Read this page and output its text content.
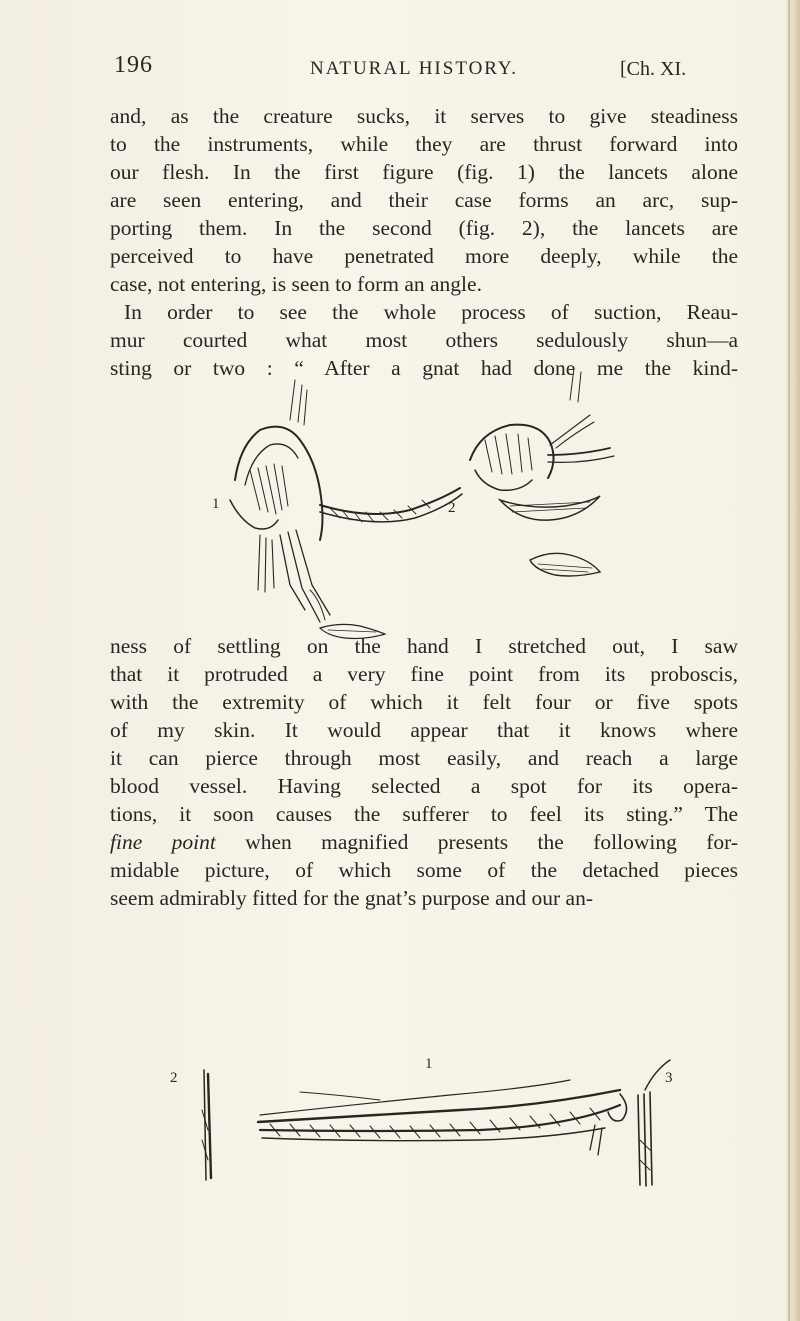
196	NATURAL HISTORY.	[Ch. XI.

and, as the creature sucks, it serves to give steadiness
to the instruments, while they are thrust forward into
our flesh. In the first figure (fig. 1) the lancets alone
are seen entering, and their case forms an arc, sup-
porting them. In the second (fig. 2), the lancets are
perceived to have penetrated more deeply, while the
case, not entering, is seen to form an angle.

In order to see the whole process of suction, Reau-
mur courted what most others sedulously shun—a
sting or two : “ After a gnat had done me the kind-

1	2

ness of settling on the hand I stretched out, I saw
that it protruded a very fine point from its proboscis,
with the extremity of which it felt four or five spots
of my skin. It would appear that it knows where
it can pierce through most easily, and reach a large
blood vessel. Having selected a spot for its opera-
tions, it soon causes the sufferer to feel its sting.” The
fine point when magnified presents the following for-
midable picture, of which some of the detached pieces
seem admirably fitted for the gnat’s purpose and our an-

2
1
3
